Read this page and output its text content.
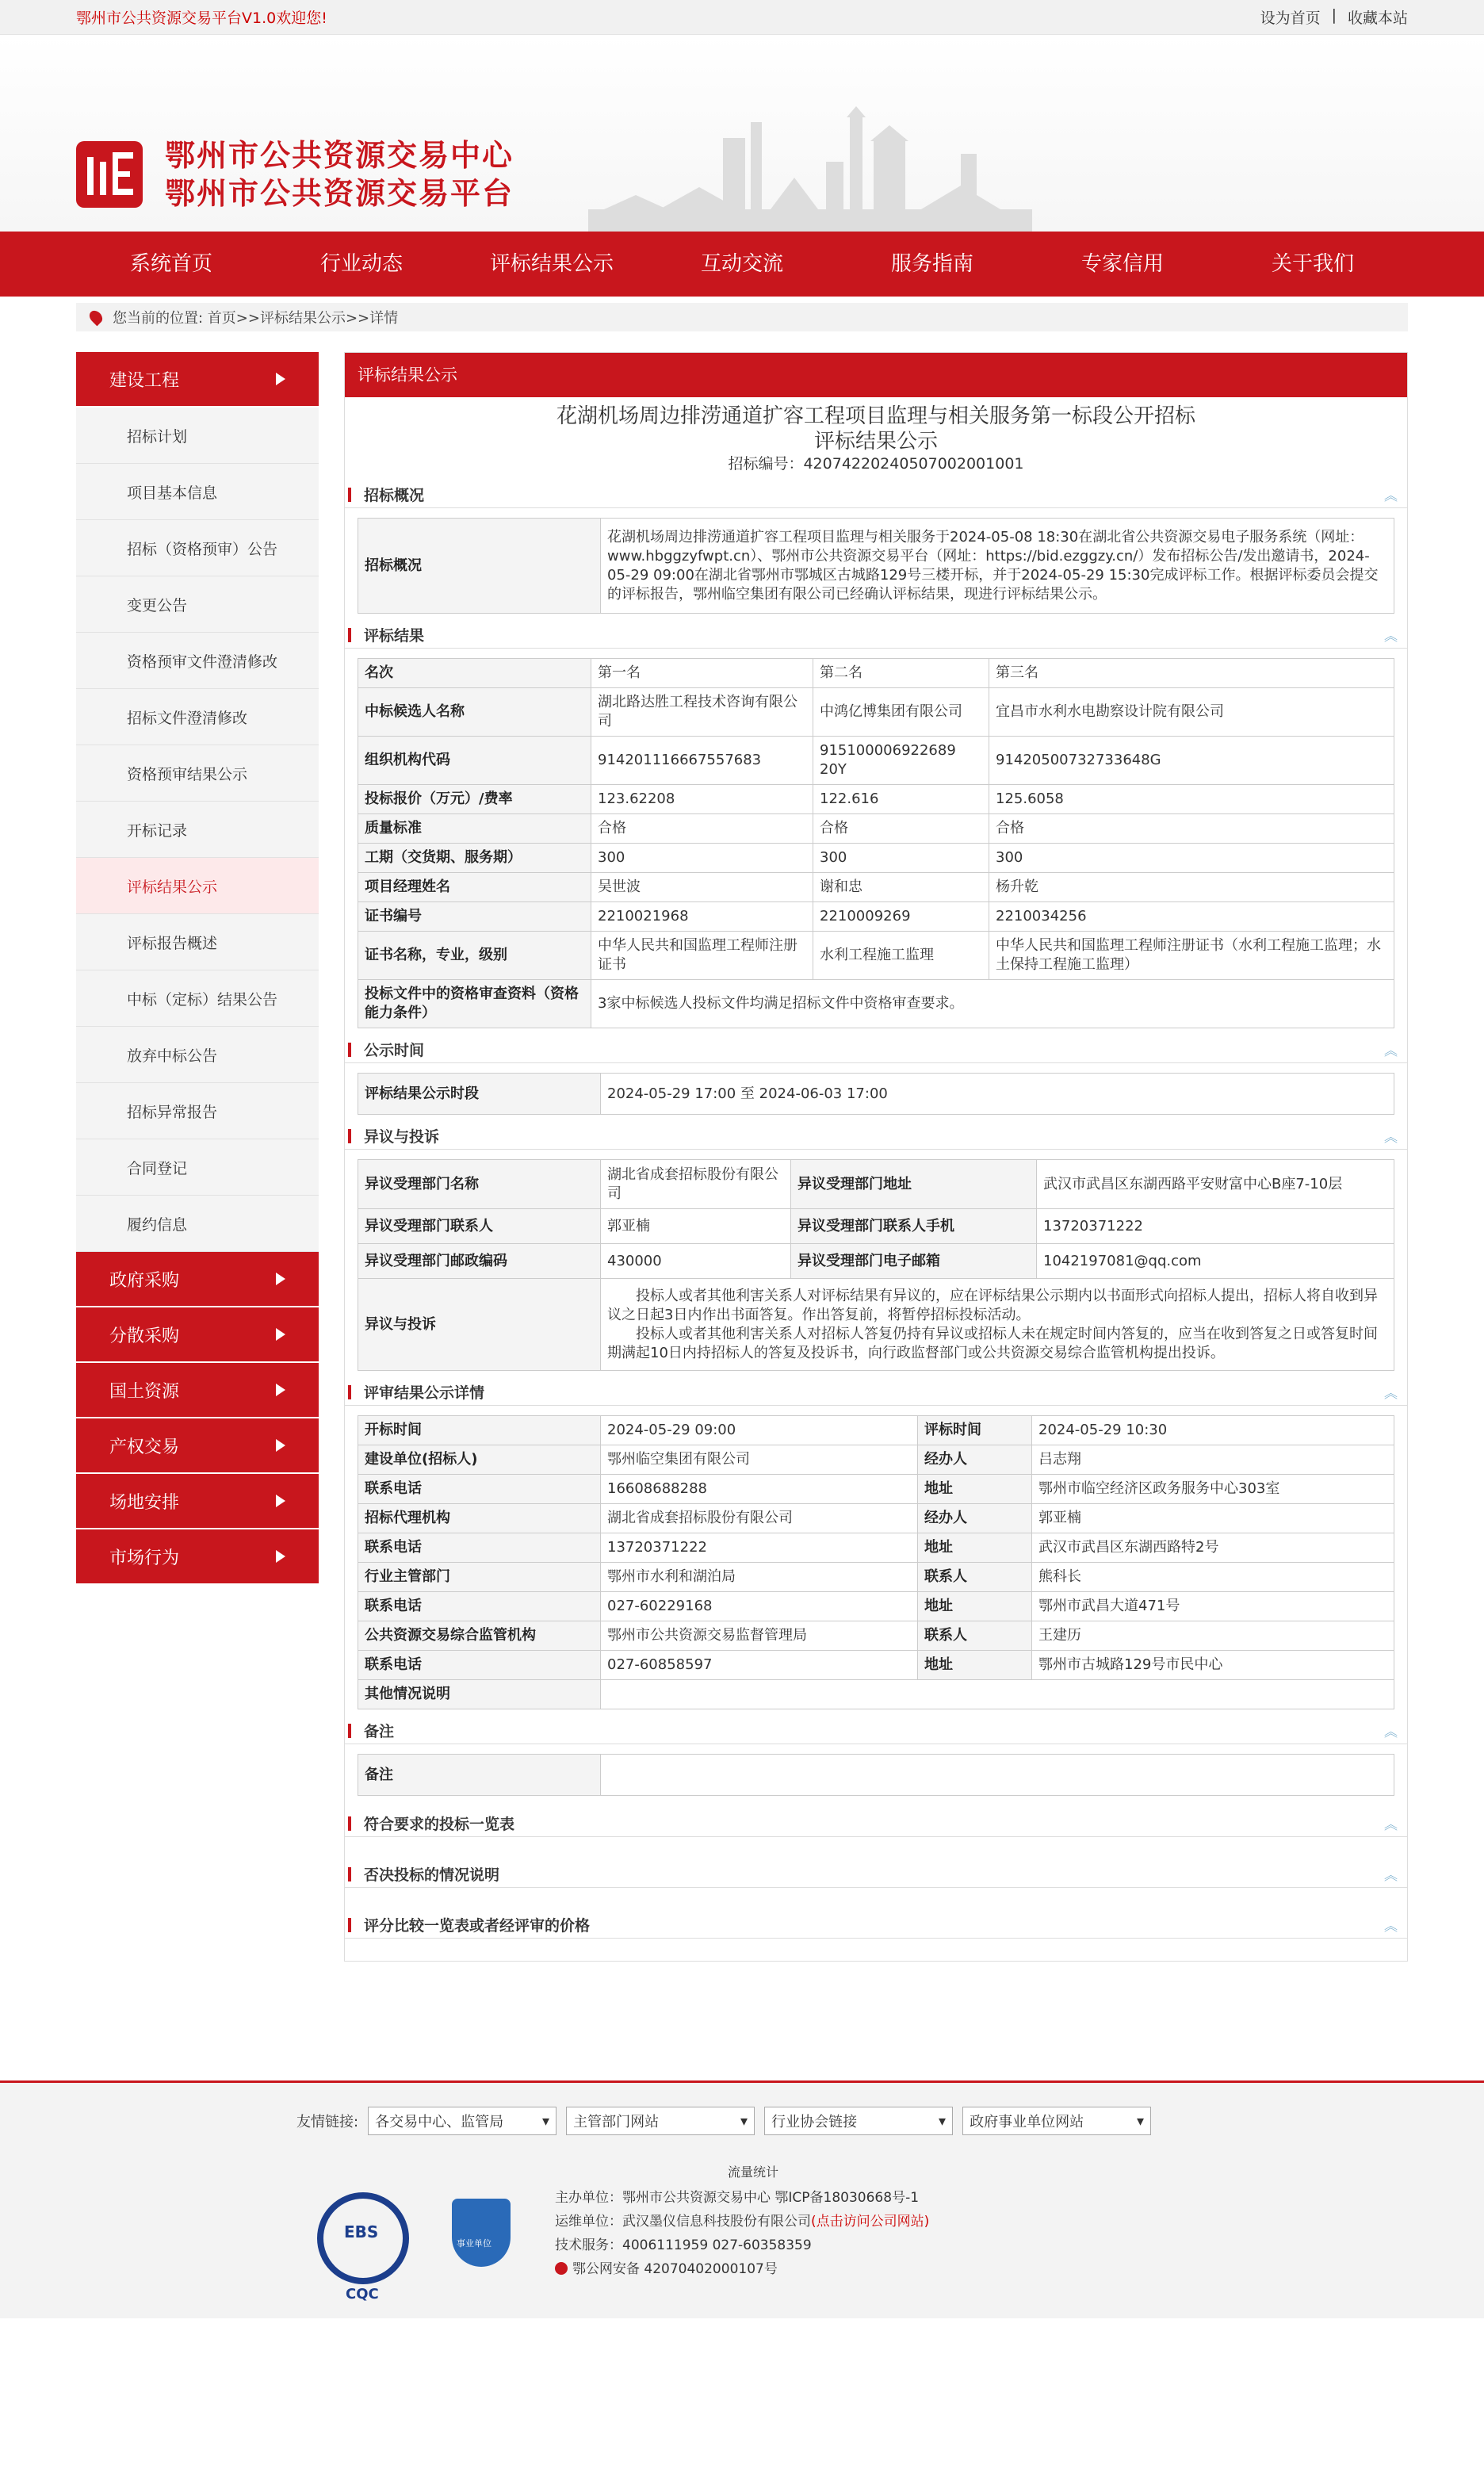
鄂州市公共资源交易平台V1.0欢迎您!	设为首页 | 收藏本站
鄂州市公共资源交易中心
鄂州市公共资源交易平台
系统首页	行业动态	评标结果公示	互动交流	服务指南	专家信用	关于我们
您当前的位置: 首页>>评标结果公示>>详情
建设工程
招标计划
项目基本信息
招标（资格预审）公告
变更公告
资格预审文件澄清修改
招标文件澄清修改
资格预审结果公示
开标记录
评标结果公示
评标报告概述
中标（定标）结果公告
放弃中标公告
招标异常报告
合同登记
履约信息
政府采购
分散采购
国土资源
产权交易
场地安排
市场行为
评标结果公示
花湖机场周边排涝通道扩容工程项目监理与相关服务第一标段公开招标
评标结果公示
招标编号：420742202405070020010​01
招标概况	︽
招标概况	花湖机场周边排涝通道扩容工程项目监理与相关服务于2024-05-08 18:30在湖北省公共资源交易电子服务系统（网址：www.hbggzyfwpt.cn）、鄂州市公共资源交易平台（网址：https://bid.ezggzy.cn/）发布招标公告/发出邀请书，2024-05-29 09:00在湖北省鄂州市鄂城区古城路129号三楼开标，并于2024-05-29 15:30完成评标工作。根据评标委员会提交的评标报告，鄂州临空集团有限公司已经确认评标结果，现进行评标结果公示。
评标结果	︽
名次	第一名	第二名	第三名
中标候选人名称	湖北路达胜工程技术咨询有限公司	中鸿亿博集团有限公司	宜昌市水利水电勘察设计院有限公司
组织机构代码	91420111666755768​3	915100006922689​20Y	9142050073273364​8G
投标报价（万元）/费率	123.62208	122.616	125.6058
质量标准	合格	合格	合格
工期（交货期、服务期）	300	300	300
项目经理姓名	吴世波	谢和忠	杨升乾
证书编号	2210021968	2210009269	2210034256
证书名称，专业，级别	中华人民共和国监理工程师注册证书	水利工程施工监理	中华人民共和国监理工程师注册证书（水利工程施工监理；水土保持工程施工监理）
投标文件中的资格审查资料（资格能力条件）	3家中标候选人投标文件均满足招标文件中资格审查要求。		
公示时间	︽
评标结果公示时段	2024-05-29 17:00 至 2024-06-03 17:00
异议与投诉	︽
异议受理部门名称	湖北省成套招标股份有限公司	异议受理部门地址	武汉市武昌区东湖西路平安财富中心B座7-10层
异议受理部门联系人	郭亚楠	异议受理部门联系人手机	13720371222
异议受理部门邮政编码	430000	异议受理部门电子邮箱	1042197081@qq.com
异议与投诉	投标人或者其他利害关系人对评标结果有异议的，应在评标结果公示期内以书面形式向招标人提出，招标人将自收到异议之日起3日内作出书面答复。作出答复前，将暂停招标投标活动。
投标人或者其他利害关系人对招标人答复仍持有异议或招标人未在规定时间内答复的，应当在收到答复之日或答复时间期满起10日内持招标人的答复及投诉书，向行政监督部门或公共资源交易综合监管机构提出投诉。		
评审结果公示详情	︽
开标时间	2024-05-29 09:00	评标时间	2024-05-29 10:30
建设单位(招标人)	鄂州临空集团有限公司	经办人	吕志翔
联系电话	16608688288	地址	鄂州市临空经济区政务服务中心303室
招标代理机构	湖北省成套招标股份有限公司	经办人	郭亚楠
联系电话	13720371222	地址	武汉市武昌区东湖西路特2号
行业主管部门	鄂州市水利和湖泊局	联系人	熊科长
联系电话	027-60229168	地址	鄂州市武昌大道471号
公共资源交易综合监管机构	鄂州市公共资源交易监督管理局	联系人	王建历
联系电话	027-60858597	地址	鄂州市古城路129号市民中心
其他情况说明			
备注	︽
备注	
符合要求的投标一览表	︽
否决投标的情况说明	︽
评分比较一览表或者经评审的价格	︽
友情链接: 各交易中心、监管局	▾ 主管部门网站	▾ 行业协会链接	▾ 政府事业单位网站	▾
流量统计
EBS
CQC
事业单位
主办单位：鄂州市公共资源交易中心 鄂ICP备18030668号-1
运维单位：武汉墨仪信息科技股份有限公司(点击访问公司网站)
技术服务：4006111959 027-60358359
鄂公网安备 42070402000107号
